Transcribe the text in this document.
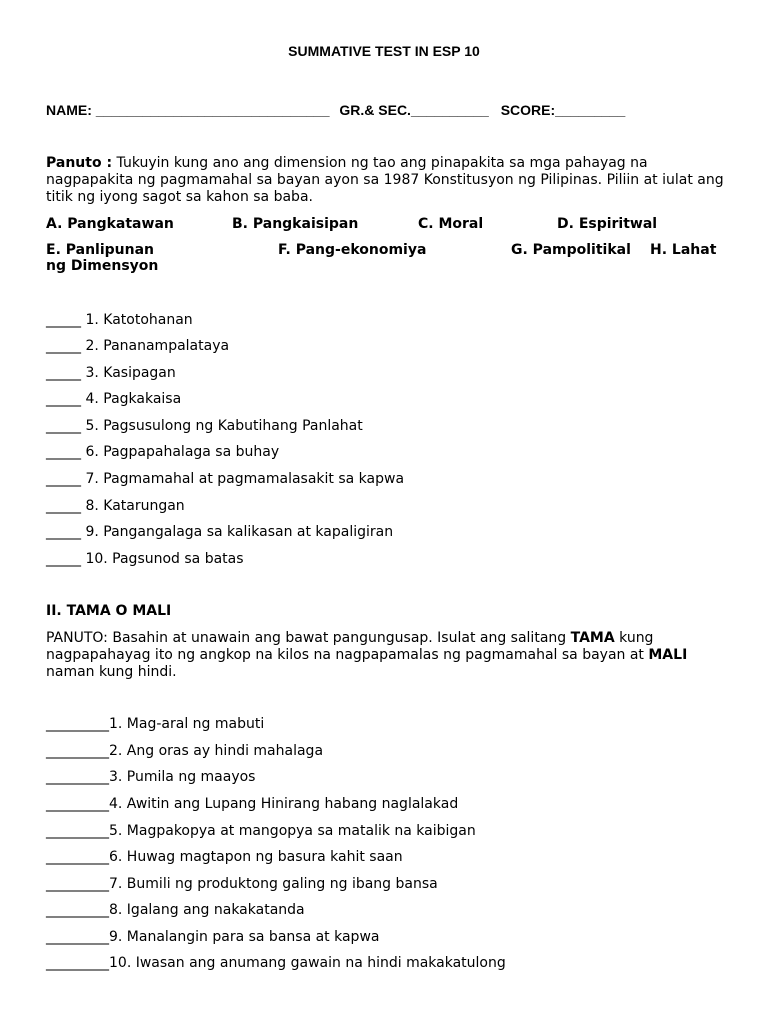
SUMMATIVE TEST IN ESP 10
NAME: ______________________________ GR.& SEC.__________ SCORE:_________
Panuto : Tukuyin kung ano ang dimension ng tao ang pinapakita sa mga pahayag na nagpapakita ng pagmamahal sa bayan ayon sa 1987 Konstitusyon ng Pilipinas. Piliin at iulat ang titik ng iyong sagot sa kahon sa baba.
A. Pangkatawan	B. Pangkaisipan	C. Moral	D. Espiritwal
E. Panlipunan	F. Pang-ekonomiya	G. Pampolitikal H. Lahat
ng Dimensyon
_____ 1. Katotohanan
_____ 2. Pananampalataya
_____ 3. Kasipagan
_____ 4. Pagkakaisa
_____ 5. Pagsusulong ng Kabutihang Panlahat
_____ 6. Pagpapahalaga sa buhay
_____ 7. Pagmamahal at pagmamalasakit sa kapwa
_____ 8. Katarungan
_____ 9. Pangangalaga sa kalikasan at kapaligiran
_____ 10. Pagsunod sa batas
II. TAMA O MALI
PANUTO: Basahin at unawain ang bawat pangungusap. Isulat ang salitang TAMA kung nagpapahayag ito ng angkop na kilos na nagpapamalas ng pagmamahal sa bayan at MALI naman kung hindi.
_________1. Mag-aral ng mabuti
_________2. Ang oras ay hindi mahalaga
_________3. Pumila ng maayos
_________4. Awitin ang Lupang Hinirang habang naglalakad
_________5. Magpakopya at mangopya sa matalik na kaibigan
_________6. Huwag magtapon ng basura kahit saan
_________7. Bumili ng produktong galing ng ibang bansa
_________8. Igalang ang nakakatanda
_________9. Manalangin para sa bansa at kapwa
_________10. Iwasan ang anumang gawain na hindi makakatulong
